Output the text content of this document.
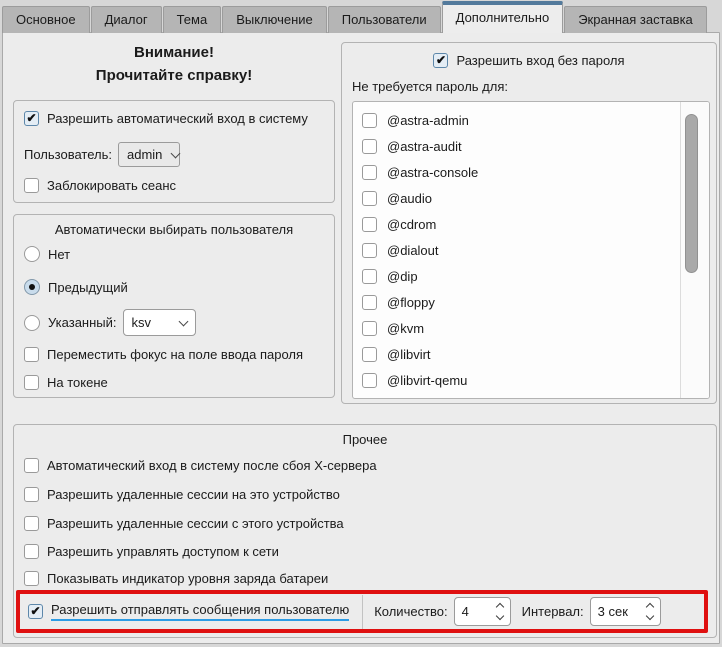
Основное	Диалог	Тема	Выключение	Пользователи	Дополнительно	Экранная заставка
Внимание!
Прочитайте справку!
✔
Разрешить автоматический вход в систему
Пользователь: admin
Заблокировать сеанс
Автоматически выбирать пользователя
Нет
Предыдущий
Указанный: ksv
Переместить фокус на поле ввода пароля
На токене
✔
Разрешить вход без пароля
Не требуется пароль для:
@astra-admin
@astra-audit
@astra-console
@audio
@cdrom
@dialout
@dip
@floppy
@kvm
@libvirt
@libvirt-qemu
Прочее
Автоматический вход в систему после сбоя X-сервера
Разрешить удаленные сессии на это устройство
Разрешить удаленные сессии с этого устройства
Разрешить управлять доступом к сети
Показывать индикатор уровня заряда батареи
✔
Разрешить отправлять сообщения пользователю Количество: 4	Интервал: 3 сек
